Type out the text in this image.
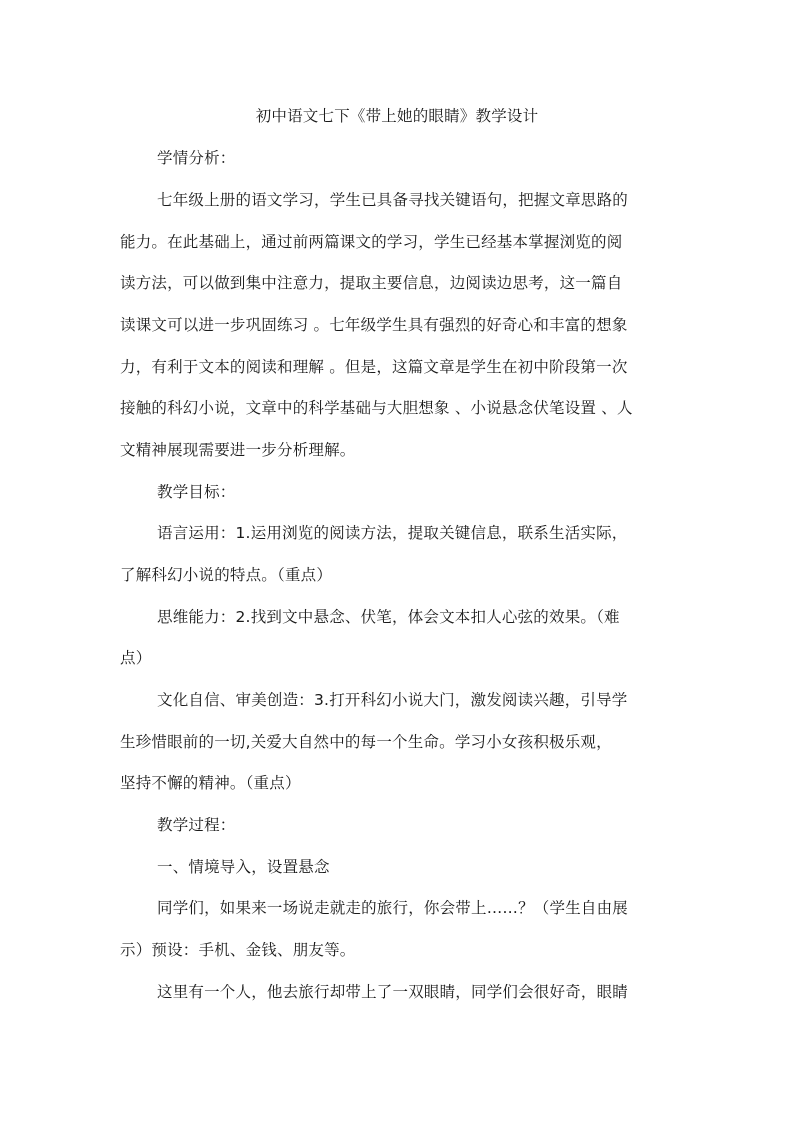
初中语文七下《带上她的眼睛》教学设计
学情分析：
七年级上册的语文学习，学生已具备寻找关键语句，把握文章思路的
能力。在此基础上，通过前两篇课文的学习，学生已经基本掌握浏览的阅
读方法，可以做到集中注意力，提取主要信息，边阅读边思考，这一篇自
读课文可以进一步巩固练习 。七年级学生具有强烈的好奇心和丰富的想象
力，有利于文本的阅读和理解 。但是，这篇文章是学生在初中阶段第一次
接触的科幻小说，文章中的科学基础与大胆想象 、小说悬念伏笔设置 、人
文精神展现需要进一步分析理解。
教学目标：
语言运用：1.运用浏览的阅读方法，提取关键信息，联系生活实际，
了解科幻小说的特点。（重点）
思维能力：2.找到文中悬念、伏笔，体会文本扣人心弦的效果。（难
点）
文化自信、审美创造：3.打开科幻小说大门，激发阅读兴趣，引导学
生珍惜眼前的一切,关爱大自然中的每一个生命。学习小女孩积极乐观，
坚持不懈的精神。（重点）
教学过程：
一、情境导入，设置悬念
同学们，如果来一场说走就走的旅行，你会带上……？（学生自由展
示）预设：手机、金钱、朋友等。
这里有一个人，他去旅行却带上了一双眼睛，同学们会很好奇，眼睛
